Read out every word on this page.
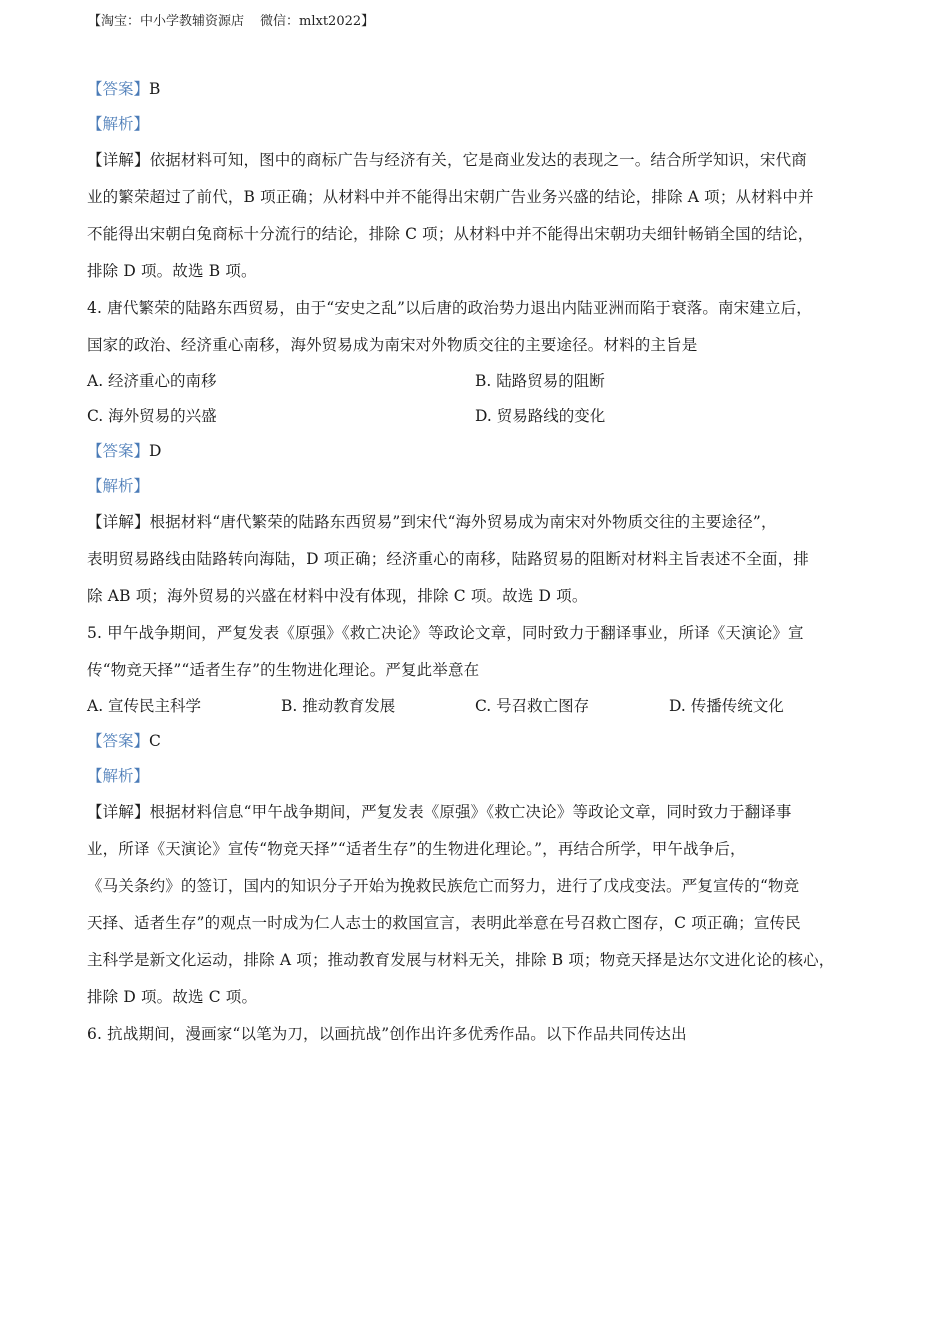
【淘宝：中小学教辅资源店 微信：mlxt2022】
【答案】B
【解析】
【详解】依据材料可知，图中的商标广告与经济有关，它是商业发达的表现之一。结合所学知识，宋代商
业的繁荣超过了前代，B 项正确；从材料中并不能得出宋朝广告业务兴盛的结论，排除 A 项；从材料中并
不能得出宋朝白兔商标十分流行的结论，排除 C 项；从材料中并不能得出宋朝功夫细针畅销全国的结论，
排除 D 项。故选 B 项。
4. 唐代繁荣的陆路东西贸易，由于“安史之乱”以后唐的政治势力退出内陆亚洲而陷于衰落。南宋建立后，
国家的政治、经济重心南移，海外贸易成为南宋对外物质交往的主要途径。材料的主旨是
A. 经济重心的南移	B. 陆路贸易的阻断
C. 海外贸易的兴盛	D. 贸易路线的变化
【答案】D
【解析】
【详解】根据材料“唐代繁荣的陆路东西贸易”到宋代“海外贸易成为南宋对外物质交往的主要途径”，
表明贸易路线由陆路转向海陆，D 项正确；经济重心的南移，陆路贸易的阻断对材料主旨表述不全面，排
除 AB 项；海外贸易的兴盛在材料中没有体现，排除 C 项。故选 D 项。
5. 甲午战争期间，严复发表《原强》《救亡决论》等政论文章，同时致力于翻译事业，所译《天演论》宣
传“物竞天择”“适者生存”的生物进化理论。严复此举意在
A. 宣传民主科学	B. 推动教育发展	C. 号召救亡图存	D. 传播传统文化
【答案】C
【解析】
【详解】根据材料信息“甲午战争期间，严复发表《原强》《救亡决论》等政论文章，同时致力于翻译事
业，所译《天演论》宣传“物竞天择”“适者生存”的生物进化理论。”，再结合所学，甲午战争后，
《马关条约》的签订，国内的知识分子开始为挽救民族危亡而努力，进行了戊戌变法。严复宣传的“物竞
天择、适者生存”的观点一时成为仁人志士的救国宣言，表明此举意在号召救亡图存，C 项正确；宣传民
主科学是新文化运动，排除 A 项；推动教育发展与材料无关，排除 B 项；物竞天择是达尔文进化论的核心，
排除 D 项。故选 C 项。
6. 抗战期间，漫画家“以笔为刀，以画抗战”创作出许多优秀作品。以下作品共同传达出
